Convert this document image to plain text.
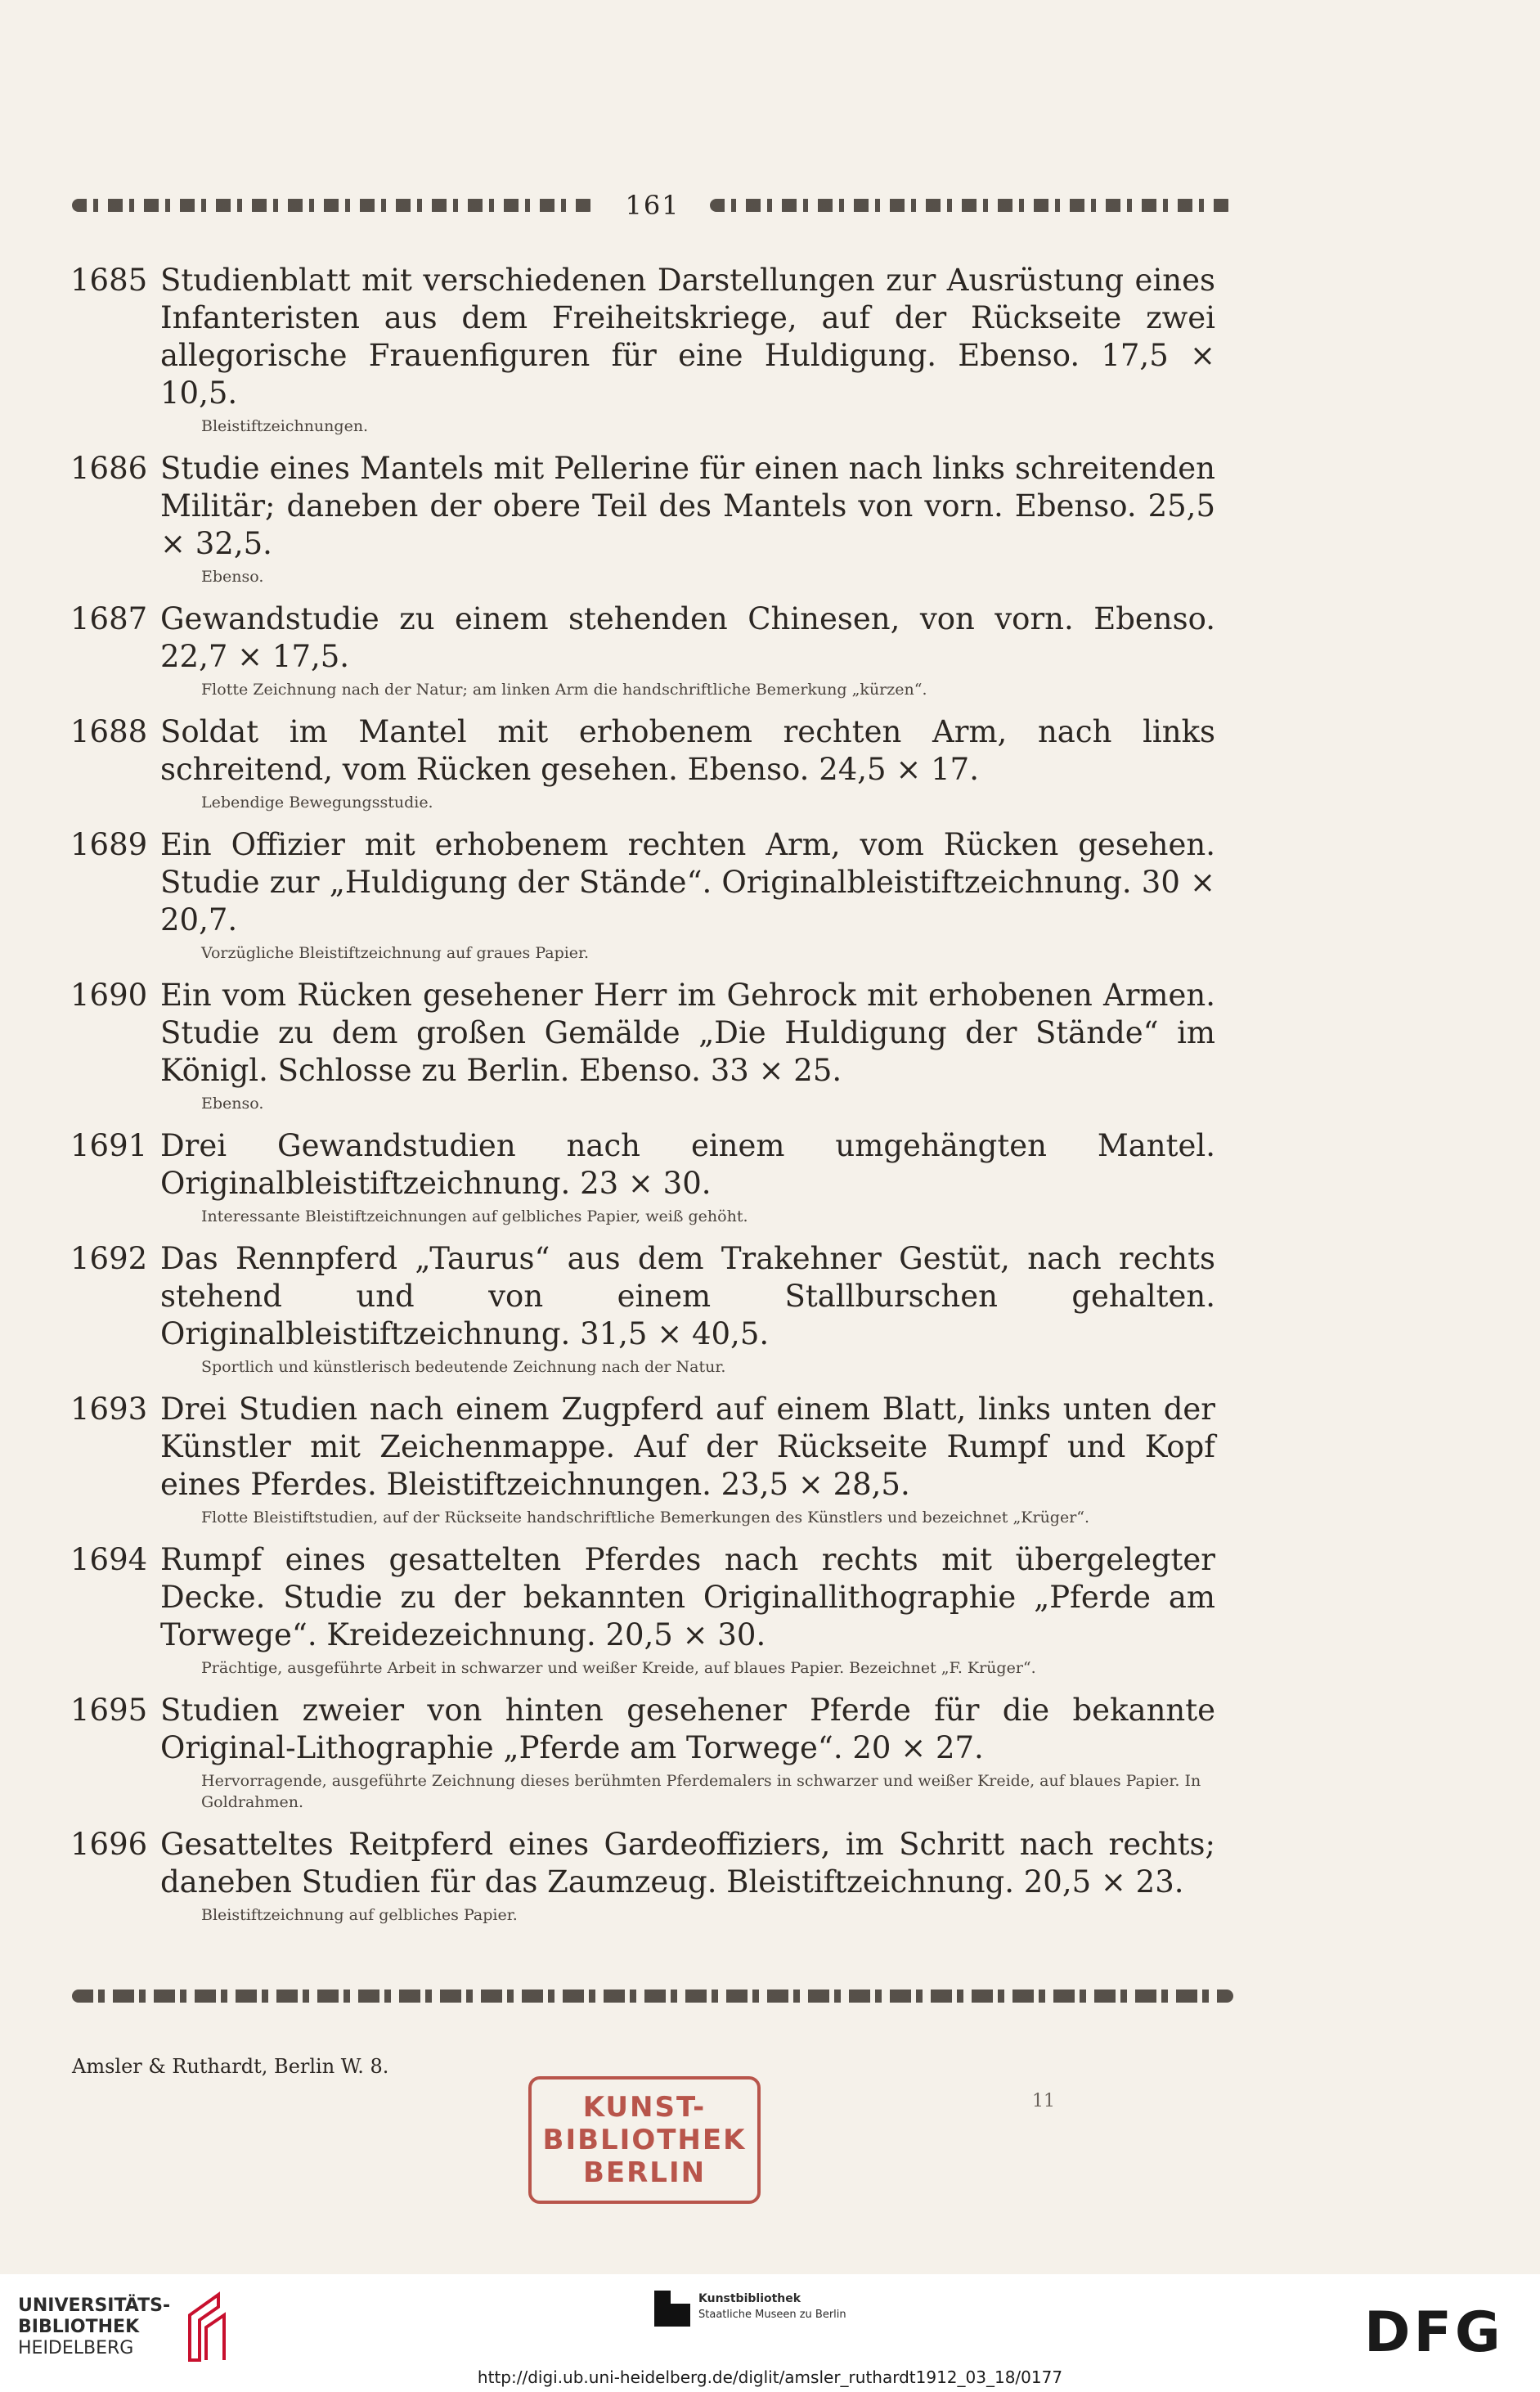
161
1685 Studienblatt mit verschiedenen Darstellungen zur Ausrüstung eines Infanteristen aus dem Freiheitskriege, auf der Rückseite zwei allegorische Frauenfiguren für eine Huldigung. Ebenso. 17,5 × 10,5.
Bleistiftzeichnungen.
1686 Studie eines Mantels mit Pellerine für einen nach links schreitenden Militär; daneben der obere Teil des Mantels von vorn. Ebenso. 25,5 × 32,5.
Ebenso.
1687 Gewandstudie zu einem stehenden Chinesen, von vorn. Ebenso. 22,7 × 17,5.
Flotte Zeichnung nach der Natur; am linken Arm die handschriftliche Bemerkung „kürzen“.
1688 Soldat im Mantel mit erhobenem rechten Arm, nach links schreitend, vom Rücken gesehen. Ebenso. 24,5 × 17.
Lebendige Bewegungsstudie.
1689 Ein Offizier mit erhobenem rechten Arm, vom Rücken gesehen. Studie zur „Huldigung der Stände“. Originalbleistiftzeichnung. 30 × 20,7.
Vorzügliche Bleistiftzeichnung auf graues Papier.
1690 Ein vom Rücken gesehener Herr im Gehrock mit erhobenen Armen. Studie zu dem großen Gemälde „Die Huldigung der Stände“ im Königl. Schlosse zu Berlin. Ebenso. 33 × 25.
Ebenso.
1691 Drei Gewandstudien nach einem umgehängten Mantel. Originalbleistiftzeichnung. 23 × 30.
Interessante Bleistiftzeichnungen auf gelbliches Papier, weiß gehöht.
1692 Das Rennpferd „Taurus“ aus dem Trakehner Gestüt, nach rechts stehend und von einem Stallburschen gehalten. Originalbleistiftzeichnung. 31,5 × 40,5.
Sportlich und künstlerisch bedeutende Zeichnung nach der Natur.
1693 Drei Studien nach einem Zugpferd auf einem Blatt, links unten der Künstler mit Zeichenmappe. Auf der Rückseite Rumpf und Kopf eines Pferdes. Bleistiftzeichnungen. 23,5 × 28,5.
Flotte Bleistiftstudien, auf der Rückseite handschriftliche Bemerkungen des Künstlers und bezeichnet „Krüger“.
1694 Rumpf eines gesattelten Pferdes nach rechts mit übergelegter Decke. Studie zu der bekannten Originallithographie „Pferde am Torwege“. Kreidezeichnung. 20,5 × 30.
Prächtige, ausgeführte Arbeit in schwarzer und weißer Kreide, auf blaues Papier. Bezeichnet „F. Krüger“.
1695 Studien zweier von hinten gesehener Pferde für die bekannte Original-Lithographie „Pferde am Torwege“. 20 × 27.
Hervorragende, ausgeführte Zeichnung dieses berühmten Pferdemalers in schwarzer und weißer Kreide, auf blaues Papier. In Goldrahmen.
1696 Gesatteltes Reitpferd eines Gardeoffiziers, im Schritt nach rechts; daneben Studien für das Zaumzeug. Bleistiftzeichnung. 20,5 × 23.
Bleistiftzeichnung auf gelbliches Papier.
Amsler & Ruthardt, Berlin W. 8.
KUNST-
BIBLIOTHEK
BERLIN
11
UNIVERSITÄTS-
BIBLIOTHEK
HEIDELBERG
Kunstbibliothek
Staatliche Museen zu Berlin	DFG
http://digi.ub.uni-heidelberg.de/diglit/amsler_ruthardt1912_03_18/0177
